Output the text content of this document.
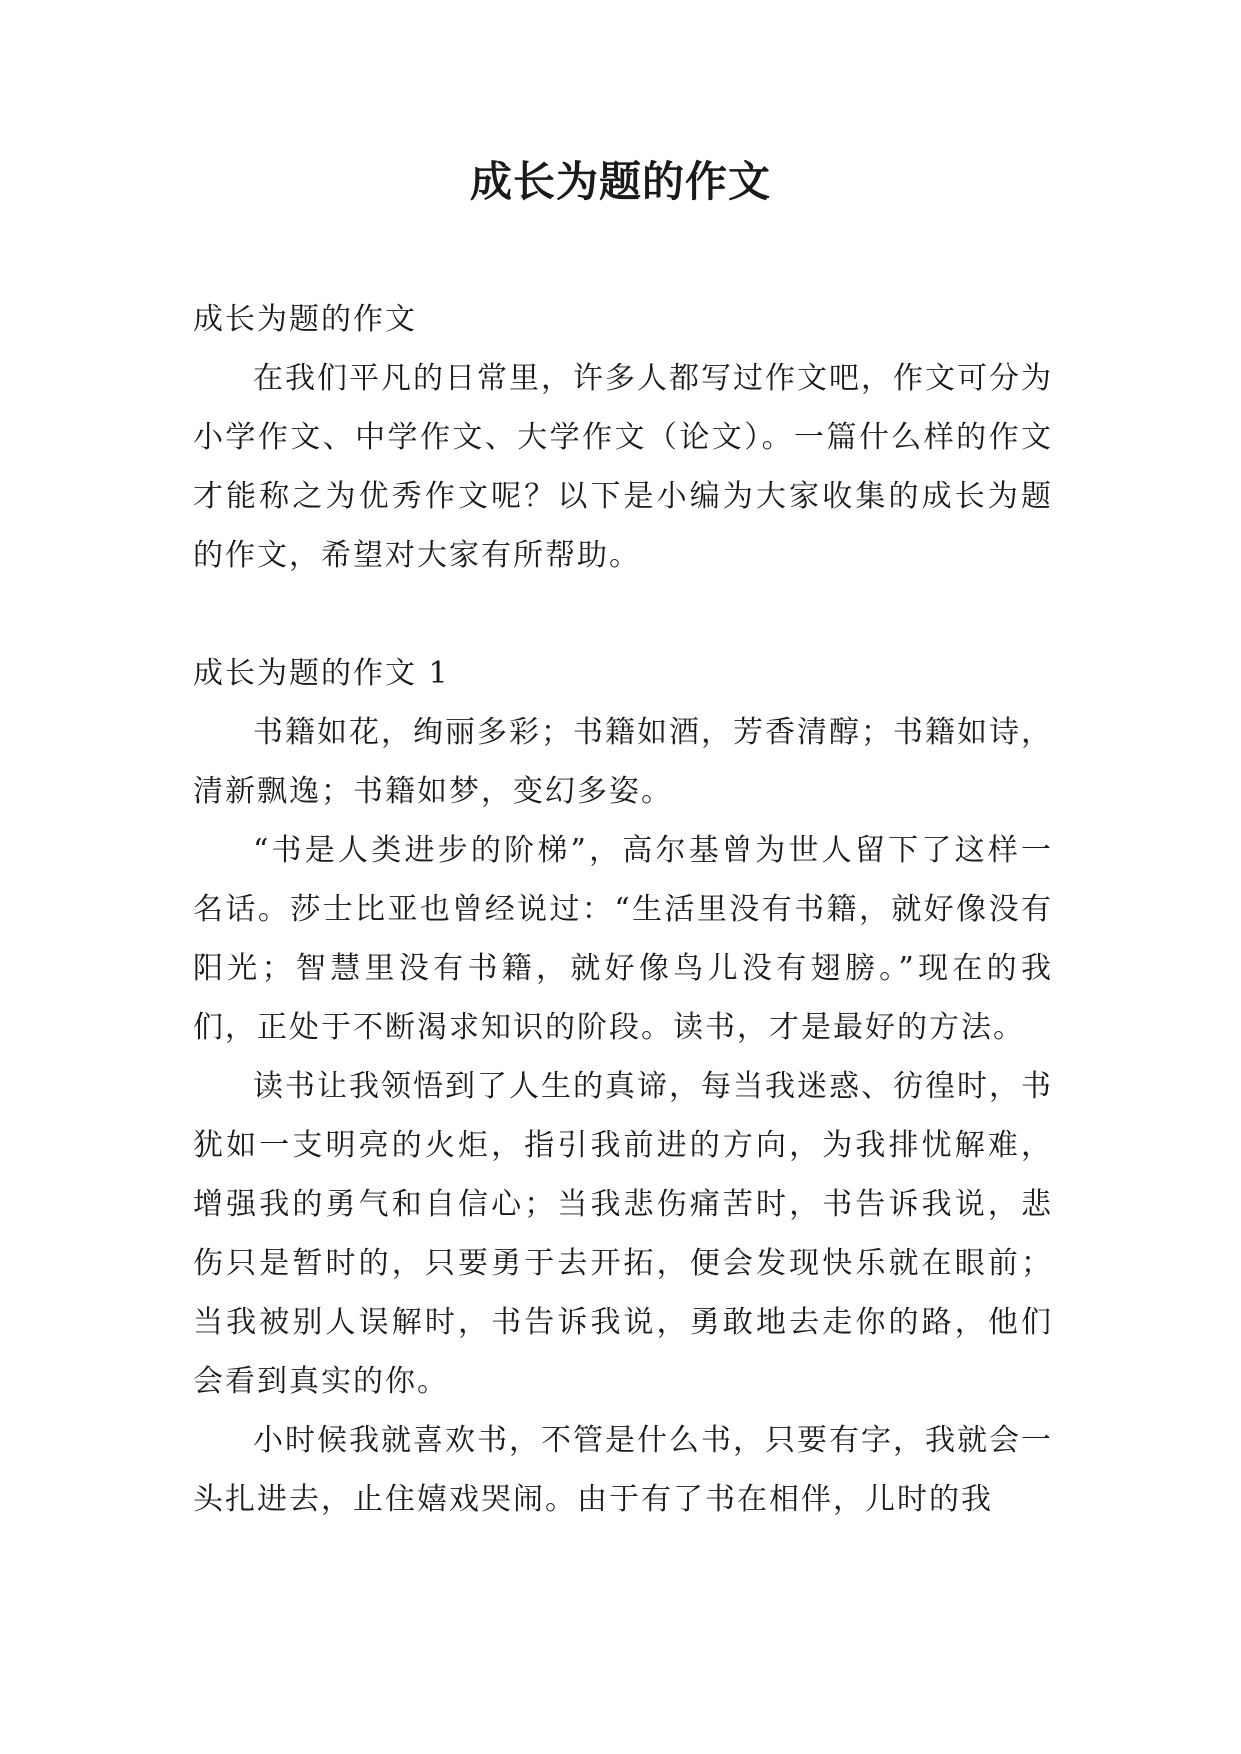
成长为题的作文

成长为题的作文

在我们平凡的日常里，许多人都写过作文吧，作文可分为小学作文、中学作文、大学作文（论文）。一篇什么样的作文才能称之为优秀作文呢？以下是小编为大家收集的成长为题的作文，希望对大家有所帮助。

成长为题的作文 1

书籍如花，绚丽多彩；书籍如酒，芳香清醇；书籍如诗，清新飘逸；书籍如梦，变幻多姿。

“书是人类进步的阶梯”，高尔基曾为世人留下了这样一名话。莎士比亚也曾经说过：“生活里没有书籍，就好像没有阳光；智慧里没有书籍，就好像鸟儿没有翅膀。”现在的我们，正处于不断渴求知识的阶段。读书，才是最好的方法。

读书让我领悟到了人生的真谛，每当我迷惑、彷徨时，书犹如一支明亮的火炬，指引我前进的方向，为我排忧解难，增强我的勇气和自信心；当我悲伤痛苦时，书告诉我说，悲伤只是暂时的，只要勇于去开拓，便会发现快乐就在眼前；当我被别人误解时，书告诉我说，勇敢地去走你的路，他们会看到真实的你。

小时候我就喜欢书，不管是什么书，只要有字，我就会一头扎进去，止住嬉戏哭闹。由于有了书在相伴，儿时的我
